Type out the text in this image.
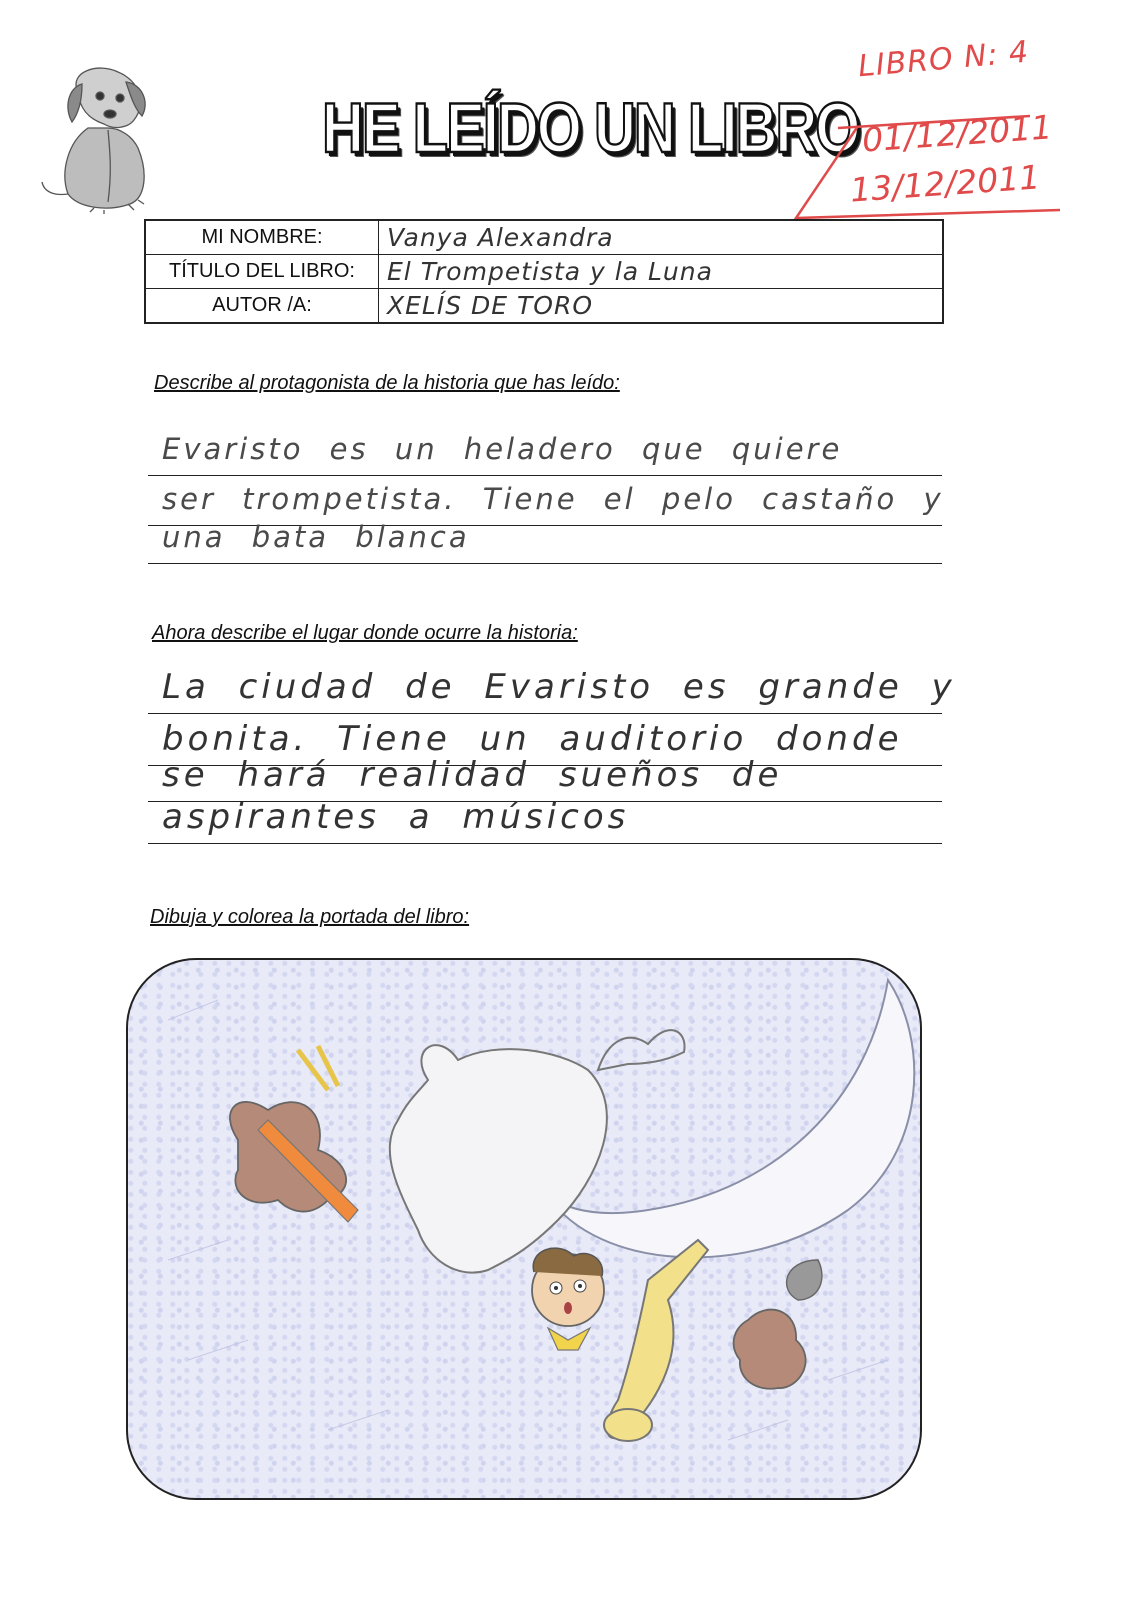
HE LEÍDO UN LIBRO
LIBRO N: 4
01/12/2011
13/12/2011
MI NOMBRE:	Vanya Alexandra
TÍTULO DEL LIBRO:	El Trompetista y la Luna
AUTOR /A:	XELÍS DE TORO
Describe al protagonista de la historia que has leído:
Evaristo es un heladero que quiere
ser trompetista. Tiene el pelo castaño y
una bata blanca
Ahora describe el lugar donde ocurre la historia:
La ciudad de Evaristo es grande y
bonita. Tiene un auditorio donde
se hará realidad sueños de
aspirantes a músicos
Dibuja y colorea la portada del libro:
